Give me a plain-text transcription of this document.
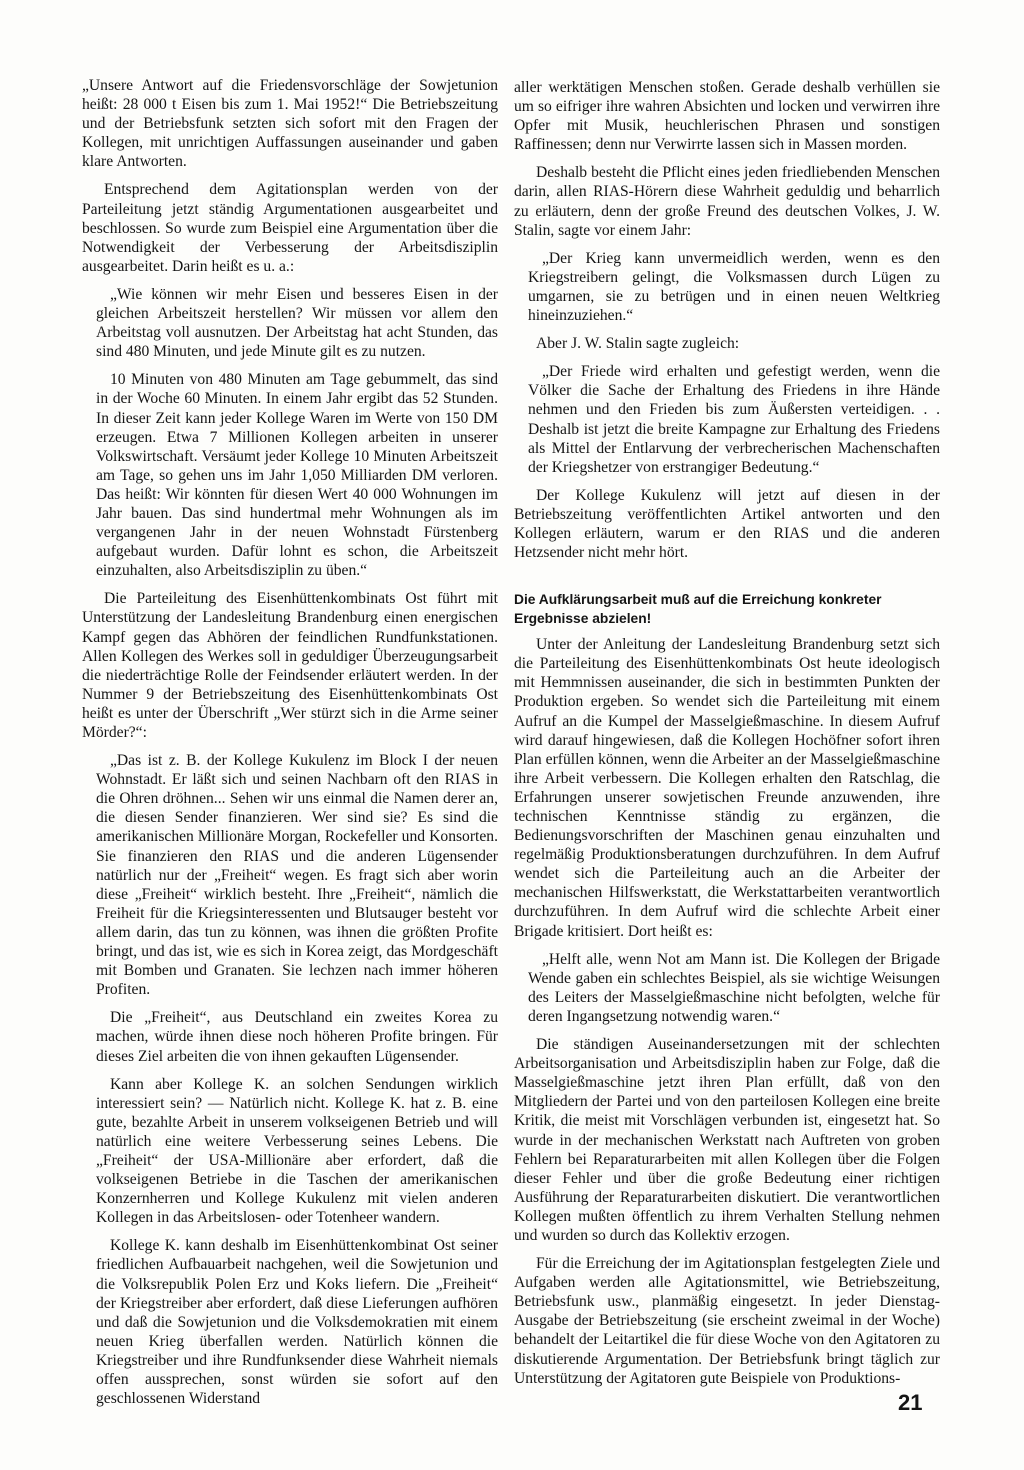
„Unsere Antwort auf die Friedensvorschläge der Sowjetunion heißt: 28 000 t Eisen bis zum 1. Mai 1952!“ Die Betriebszeitung und der Betriebsfunk setzten sich sofort mit den Fragen der Kollegen, mit unrichtigen Auffassungen auseinander und gaben klare Antworten.

Entsprechend dem Agitationsplan werden von der Parteileitung jetzt ständig Argumentationen ausgearbeitet und beschlossen. So wurde zum Beispiel eine Argumentation über die Notwendigkeit der Verbesserung der Arbeitsdisziplin ausgearbeitet. Darin heißt es u. a.:

„Wie können wir mehr Eisen und besseres Eisen in der gleichen Arbeitszeit herstellen? Wir müssen vor allem den Arbeitstag voll ausnutzen. Der Arbeitstag hat acht Stunden, das sind 480 Minuten, und jede Minute gilt es zu nutzen.

10 Minuten von 480 Minuten am Tage gebummelt, das sind in der Woche 60 Minuten. In einem Jahr ergibt das 52 Stunden. In dieser Zeit kann jeder Kollege Waren im Werte von 150 DM erzeugen. Etwa 7 Millionen Kollegen arbeiten in unserer Volkswirtschaft. Versäumt jeder Kollege 10 Minuten Arbeitszeit am Tage, so gehen uns im Jahr 1,050 Milliarden DM verloren. Das heißt: Wir könnten für diesen Wert 40 000 Wohnungen im Jahr bauen. Das sind hundertmal mehr Wohnungen als im vergangenen Jahr in der neuen Wohnstadt Fürstenberg aufgebaut wurden. Dafür lohnt es schon, die Arbeitszeit einzuhalten, also Arbeitsdisziplin zu üben.“

Die Parteileitung des Eisenhüttenkombinats Ost führt mit Unterstützung der Landesleitung Brandenburg einen energischen Kampf gegen das Abhören der feindlichen Rundfunkstationen. Allen Kollegen des Werkes soll in geduldiger Überzeugungsarbeit die niederträchtige Rolle der Feindsender erläutert werden. In der Nummer 9 der Betriebszeitung des Eisenhüttenkombinats Ost heißt es unter der Überschrift „Wer stürzt sich in die Arme seiner Mörder?“:

„Das ist z. B. der Kollege Kukulenz im Block I der neuen Wohnstadt. Er läßt sich und seinen Nachbarn oft den RIAS in die Ohren dröhnen... Sehen wir uns einmal die Namen derer an, die diesen Sender finanzieren. Wer sind sie? Es sind die amerikanischen Millionäre Morgan, Rockefeller und Konsorten. Sie finanzieren den RIAS und die anderen Lügensender natürlich nur der „Freiheit“ wegen. Es fragt sich aber worin diese „Freiheit“ wirklich besteht. Ihre „Freiheit“, nämlich die Freiheit für die Kriegsinteressenten und Blutsauger besteht vor allem darin, das tun zu können, was ihnen die größten Profite bringt, und das ist, wie es sich in Korea zeigt, das Mordgeschäft mit Bomben und Granaten. Sie lechzen nach immer höheren Profiten.

Die „Freiheit“, aus Deutschland ein zweites Korea zu machen, würde ihnen diese noch höheren Profite bringen. Für dieses Ziel arbeiten die von ihnen gekauften Lügensender.

Kann aber Kollege K. an solchen Sendungen wirklich interessiert sein? — Natürlich nicht. Kollege K. hat z. B. eine gute, bezahlte Arbeit in unserem volkseigenen Betrieb und will natürlich eine weitere Verbesserung seines Lebens. Die „Freiheit“ der USA-Millionäre aber erfordert, daß die volkseigenen Betriebe in die Taschen der amerikanischen Konzernherren und Kollege Kukulenz mit vielen anderen Kollegen in das Arbeitslosen- oder Totenheer wandern.

Kollege K. kann deshalb im Eisenhüttenkombinat Ost seiner friedlichen Aufbauarbeit nachgehen, weil die Sowjetunion und die Volksrepublik Polen Erz und Koks liefern. Die „Freiheit“ der Kriegstreiber aber erfordert, daß diese Lieferungen aufhören und daß die Sowjetunion und die Volksdemokratien mit einem neuen Krieg überfallen werden. Natürlich können die Kriegstreiber und ihre Rundfunksender diese Wahrheit niemals offen aussprechen, sonst würden sie sofort auf den geschlossenen Widerstand

aller werktätigen Menschen stoßen. Gerade deshalb verhüllen sie um so eifriger ihre wahren Absichten und locken und verwirren ihre Opfer mit Musik, heuchlerischen Phrasen und sonstigen Raffinessen; denn nur Verwirrte lassen sich in Massen morden.

Deshalb besteht die Pflicht eines jeden friedliebenden Menschen darin, allen RIAS-Hörern diese Wahrheit geduldig und beharrlich zu erläutern, denn der große Freund des deutschen Volkes, J. W. Stalin, sagte vor einem Jahr:

„Der Krieg kann unvermeidlich werden, wenn es den Kriegstreibern gelingt, die Volksmassen durch Lügen zu umgarnen, sie zu betrügen und in einen neuen Weltkrieg hineinzuziehen.“

Aber J. W. Stalin sagte zugleich:

„Der Friede wird erhalten und gefestigt werden, wenn die Völker die Sache der Erhaltung des Friedens in ihre Hände nehmen und den Frieden bis zum Äußersten verteidigen. . . Deshalb ist jetzt die breite Kampagne zur Erhaltung des Friedens als Mittel der Entlarvung der verbrecherischen Machenschaften der Kriegshetzer von erstrangiger Bedeutung.“

Der Kollege Kukulenz will jetzt auf diesen in der Betriebszeitung veröffentlichten Artikel antworten und den Kollegen erläutern, warum er den RIAS und die anderen Hetzsender nicht mehr hört.

Die Aufklärungsarbeit muß auf die Erreichung konkreter Ergebnisse abzielen!

Unter der Anleitung der Landesleitung Brandenburg setzt sich die Parteileitung des Eisenhüttenkombinats Ost heute ideologisch mit Hemmnissen auseinander, die sich in bestimmten Punkten der Produktion ergeben. So wendet sich die Parteileitung mit einem Aufruf an die Kumpel der Masselgießmaschine. In diesem Aufruf wird darauf hingewiesen, daß die Kollegen Hochöfner sofort ihren Plan erfüllen können, wenn die Arbeiter an der Masselgießmaschine ihre Arbeit verbessern. Die Kollegen erhalten den Ratschlag, die Erfahrungen unserer sowjetischen Freunde anzuwenden, ihre technischen Kenntnisse ständig zu ergänzen, die Bedienungsvorschriften der Maschinen genau einzuhalten und regelmäßig Produktionsberatungen durchzuführen. In dem Aufruf wendet sich die Parteileitung auch an die Arbeiter der mechanischen Hilfswerkstatt, die Werkstattarbeiten verantwortlich durchzuführen. In dem Aufruf wird die schlechte Arbeit einer Brigade kritisiert. Dort heißt es:

„Helft alle, wenn Not am Mann ist. Die Kollegen der Brigade Wende gaben ein schlechtes Beispiel, als sie wichtige Weisungen des Leiters der Masselgießmaschine nicht befolgten, welche für deren Ingangsetzung notwendig waren.“

Die ständigen Auseinandersetzungen mit der schlechten Arbeitsorganisation und Arbeitsdisziplin haben zur Folge, daß die Masselgießmaschine jetzt ihren Plan erfüllt, daß von den Mitgliedern der Partei und von den parteilosen Kollegen eine breite Kritik, die meist mit Vorschlägen verbunden ist, eingesetzt hat. So wurde in der mechanischen Werkstatt nach Auftreten von groben Fehlern bei Reparaturarbeiten mit allen Kollegen über die Folgen dieser Fehler und über die große Bedeutung einer richtigen Ausführung der Reparaturarbeiten diskutiert. Die verantwortlichen Kollegen mußten öffentlich zu ihrem Verhalten Stellung nehmen und wurden so durch das Kollektiv erzogen.

Für die Erreichung der im Agitationsplan festgelegten Ziele und Aufgaben werden alle Agitationsmittel, wie Betriebszeitung, Betriebsfunk usw., planmäßig eingesetzt. In jeder Dienstag-Ausgabe der Betriebszeitung (sie erscheint zweimal in der Woche) behandelt der Leitartikel die für diese Woche von den Agitatoren zu diskutierende Argumentation. Der Betriebsfunk bringt täglich zur Unterstützung der Agitatoren gute Beispiele von Produktions-

21
